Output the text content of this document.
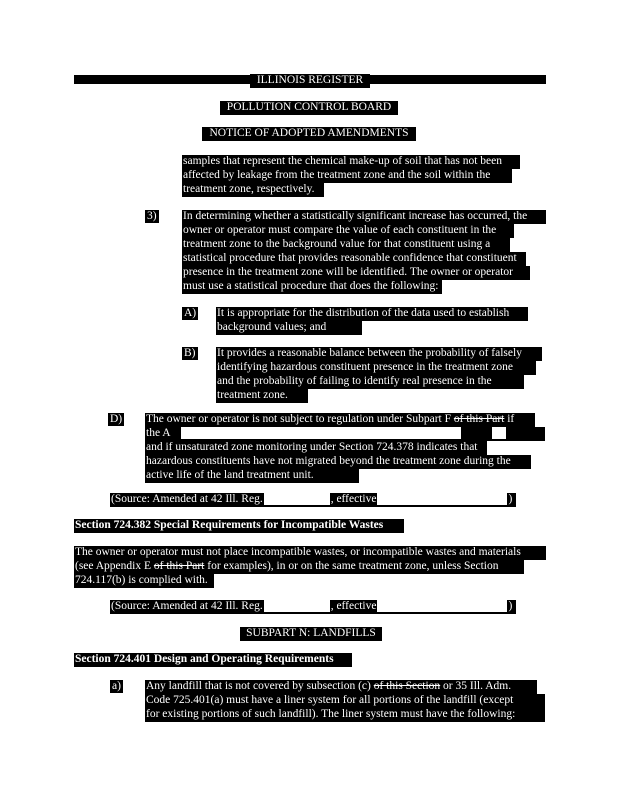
ILLINOIS REGISTER
POLLUTION CONTROL BOARD
NOTICE OF ADOPTED AMENDMENTS
samples that represent the chemical make-up of soil that has not been
affected by leakage from the treatment zone and the soil within the
treatment zone, respectively.
3) In determining whether a statistically significant increase has occurred, the
owner or operator must compare the value of each constituent in the
treatment zone to the background value for that constituent using a
statistical procedure that provides reasonable confidence that constituent
presence in the treatment zone will be identified. The owner or operator
must use a statistical procedure that does the following:
A) It is appropriate for the distribution of the data used to establish
background values; and
B) It provides a reasonable balance between the probability of falsely
identifying hazardous constituent presence in the treatment zone
and the probability of failing to identify real presence in the
treatment zone.
D) The owner or operator is not subject to regulation under Subpart F of this Part if
the A
and if unsaturated zone monitoring under Section 724.378 indicates that
hazardous constituents have not migrated beyond the treatment zone during the
active life of the land treatment unit.
(Source: Amended at 42 Ill. Reg.	, effective	)
Section 724.382 Special Requirements for Incompatible Wastes
The owner or operator must not place incompatible wastes, or incompatible wastes and materials
(see Appendix E of this Part for examples), in or on the same treatment zone, unless Section
724.117(b) is complied with.
(Source: Amended at 42 Ill. Reg.	, effective	)
SUBPART N: LANDFILLS
Section 724.401 Design and Operating Requirements
a) Any landfill that is not covered by subsection (c) of this Section or 35 Ill. Adm.
Code 725.401(a) must have a liner system for all portions of the landfill (except
for existing portions of such landfill). The liner system must have the following:
